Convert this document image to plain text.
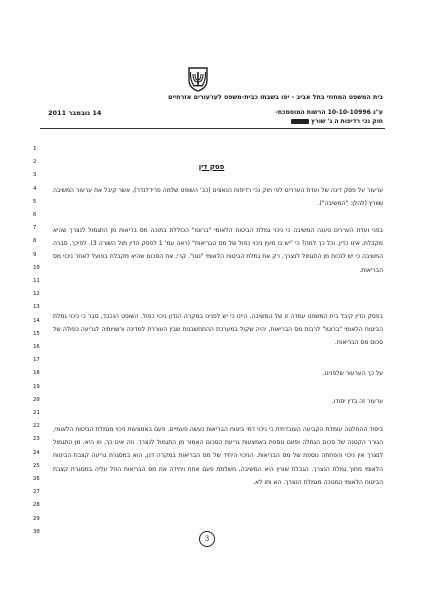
בית המשפט המחוזי בתל אביב - יפו בשבתו כבית-משפט לערעורים אזרחיים
ע"נ 10-10-10996 הרשות המוסמכת-
חוק נכי רדיפות ה ג' שורץ
14 נובמבר 2011
1
2
3
4
5
6
7
8
9
10
11
12
13
14
15
16
17
18
19
20
21
22
23
24
25
26
27
28
29
30
פסק דין
ערעור על פסק דינה של ועדת העררים לפי חוק נכי רדיפות הנאצים (כב' השופט שלמה פרידלנדר), אשר קיבל את ערעור המשיבה שוורץ (להלן: "המשיבה").
בפני ועדת העררים טענה המשיבה כי ניכוי גמלת הביטוח הלאומי "ברוטו" הכוללת בתוכה מס בריאות מן התגמול לנצרך שהיא מקבלת, אינו כדין. וכל כך למה? כי "יש בו מעין ניכוי כפול של מס הבריאות" (ראה עמ' 1 לפסק הדין מול השורה 3). לפיכך, סברה המשיבה כי יש לנכות מן התגמול לנצרך, רק את גמלת הביטוח הלאומי "נטו". קרי, את הסכום שהיא מקבלת בפועל לאחר ניכוי מס הבריאות.
בפסק הדין קיבל בית המשפט עמדה זו של המשיבה, היינו כי יש לפנינו במקרה הנדון ניכוי כפול. השופט הנכבד, סבר כי ניכוי גמלת הביטוח הלאומי "ברוטו" לרבות מס הבריאות, יהיה שקול במערכת ההתחשבנות שבין העוררת למדינה ורשויותיה לגריעה כפולה של סכום מס הבריאות.
על כך הערעור שלפנינו.
ערעור זה בדין יסודו.
ביסוד ההחלטה עומדת הקביעה העובדתית כי ניכוי דמי ביטוח הבריאות נעשה פעמיים. פעם באמצעות ניכוי מגמלת הביטוח הלאומי, הגורר הקטנה של סכום הגמלה ופעם נוספת באמצעות גריעת הסכום האמור מן התגמול לנצרך. וזה אינו כך, וזו היא. מן התגמול לנצרך אין ניכוי והפחתה נוספת של מס הבריאות. הניכוי היחיד של מס הבריאות במקרה דנן, הוא במסגרת גריעה קצבת הביטוח הלאומי מתוך גמלת הנצרך. הגבלת שורץ היא המשיבה, משלמת פעם אחת ויחידה את מס הבריאות החל עליה במסגרת קצבת הביטוח הלאומי המנוכה מגמלת הנצרך. הא ותו לא.
3
